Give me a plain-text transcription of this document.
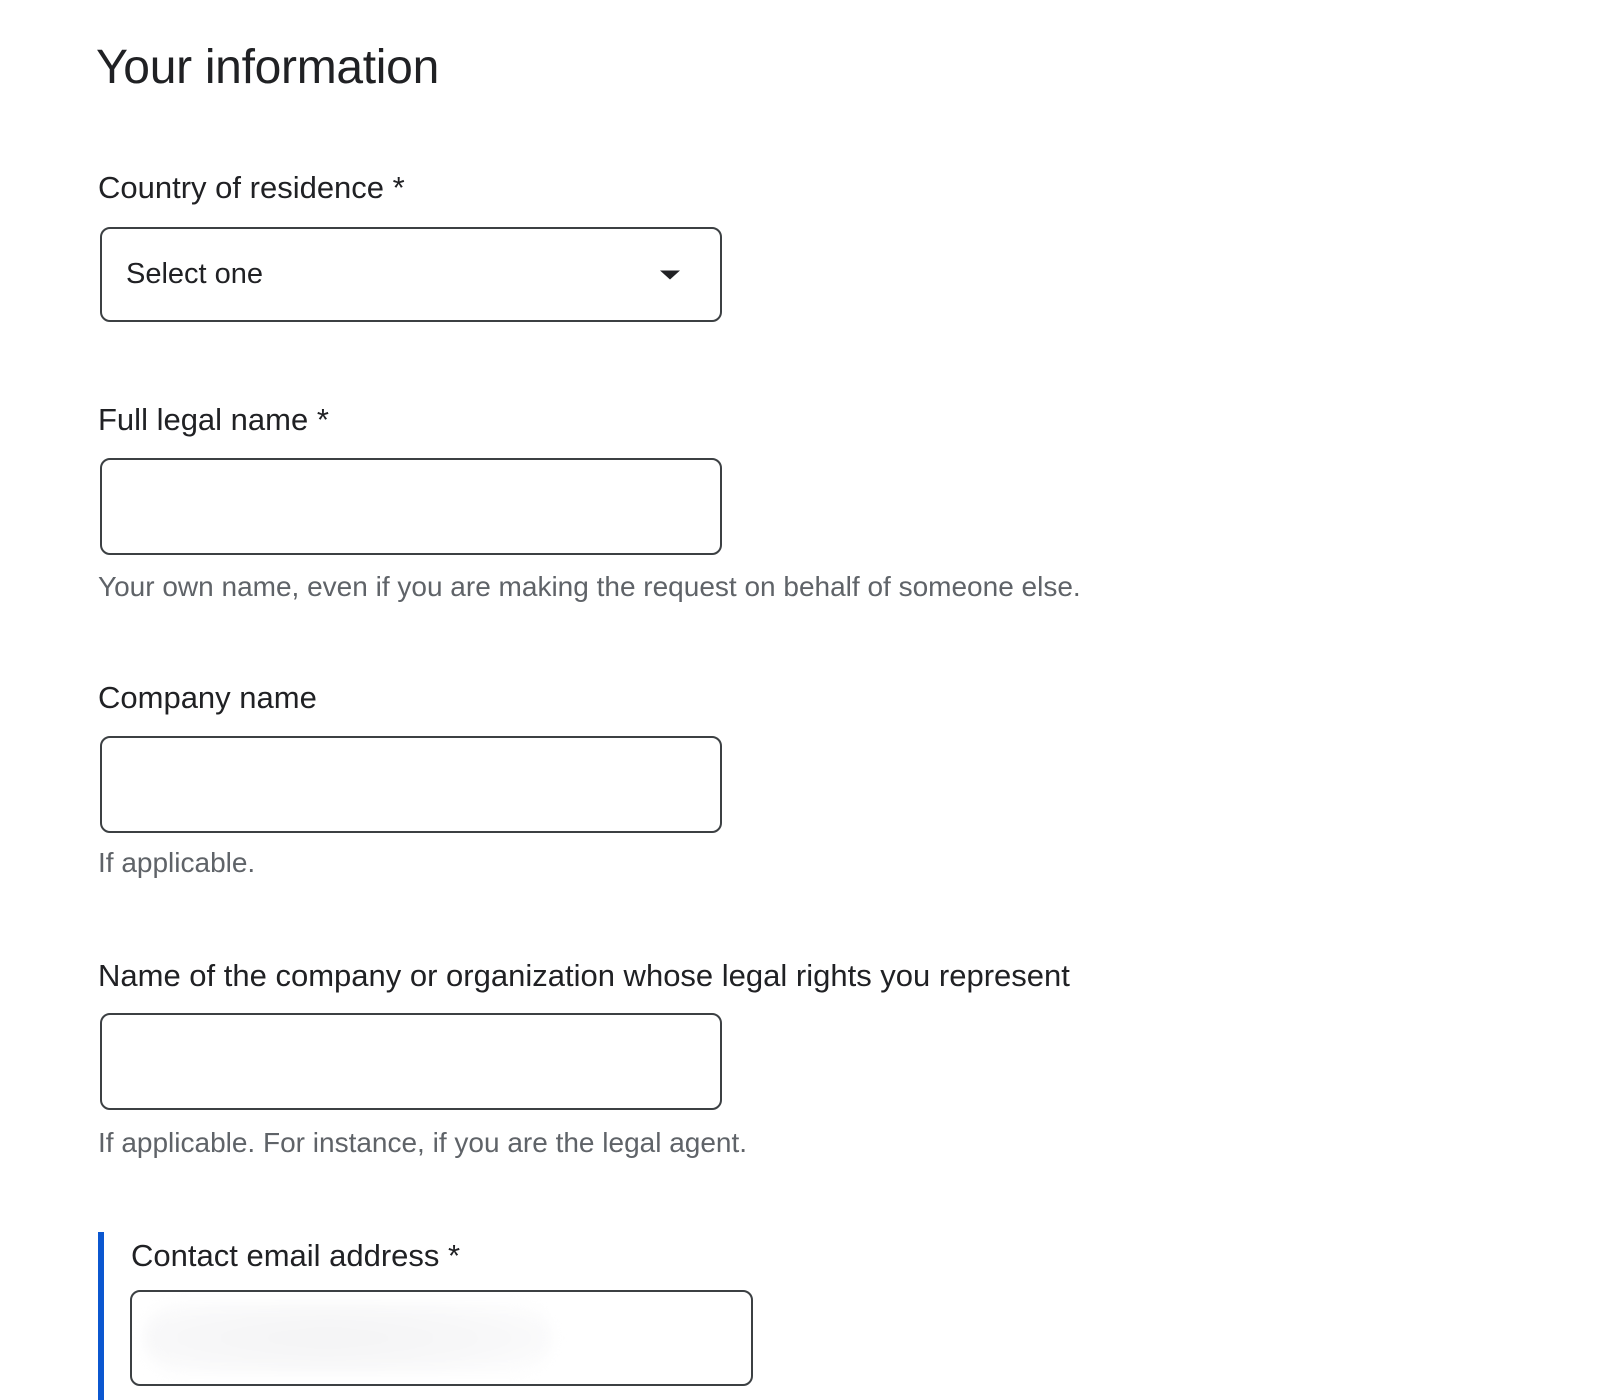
Your information
Country of residence *
Select one
Full legal name *
Your own name, even if you are making the request on behalf of someone else.
Company name
If applicable.
Name of the company or organization whose legal rights you represent
If applicable. For instance, if you are the legal agent.
Contact email address *
